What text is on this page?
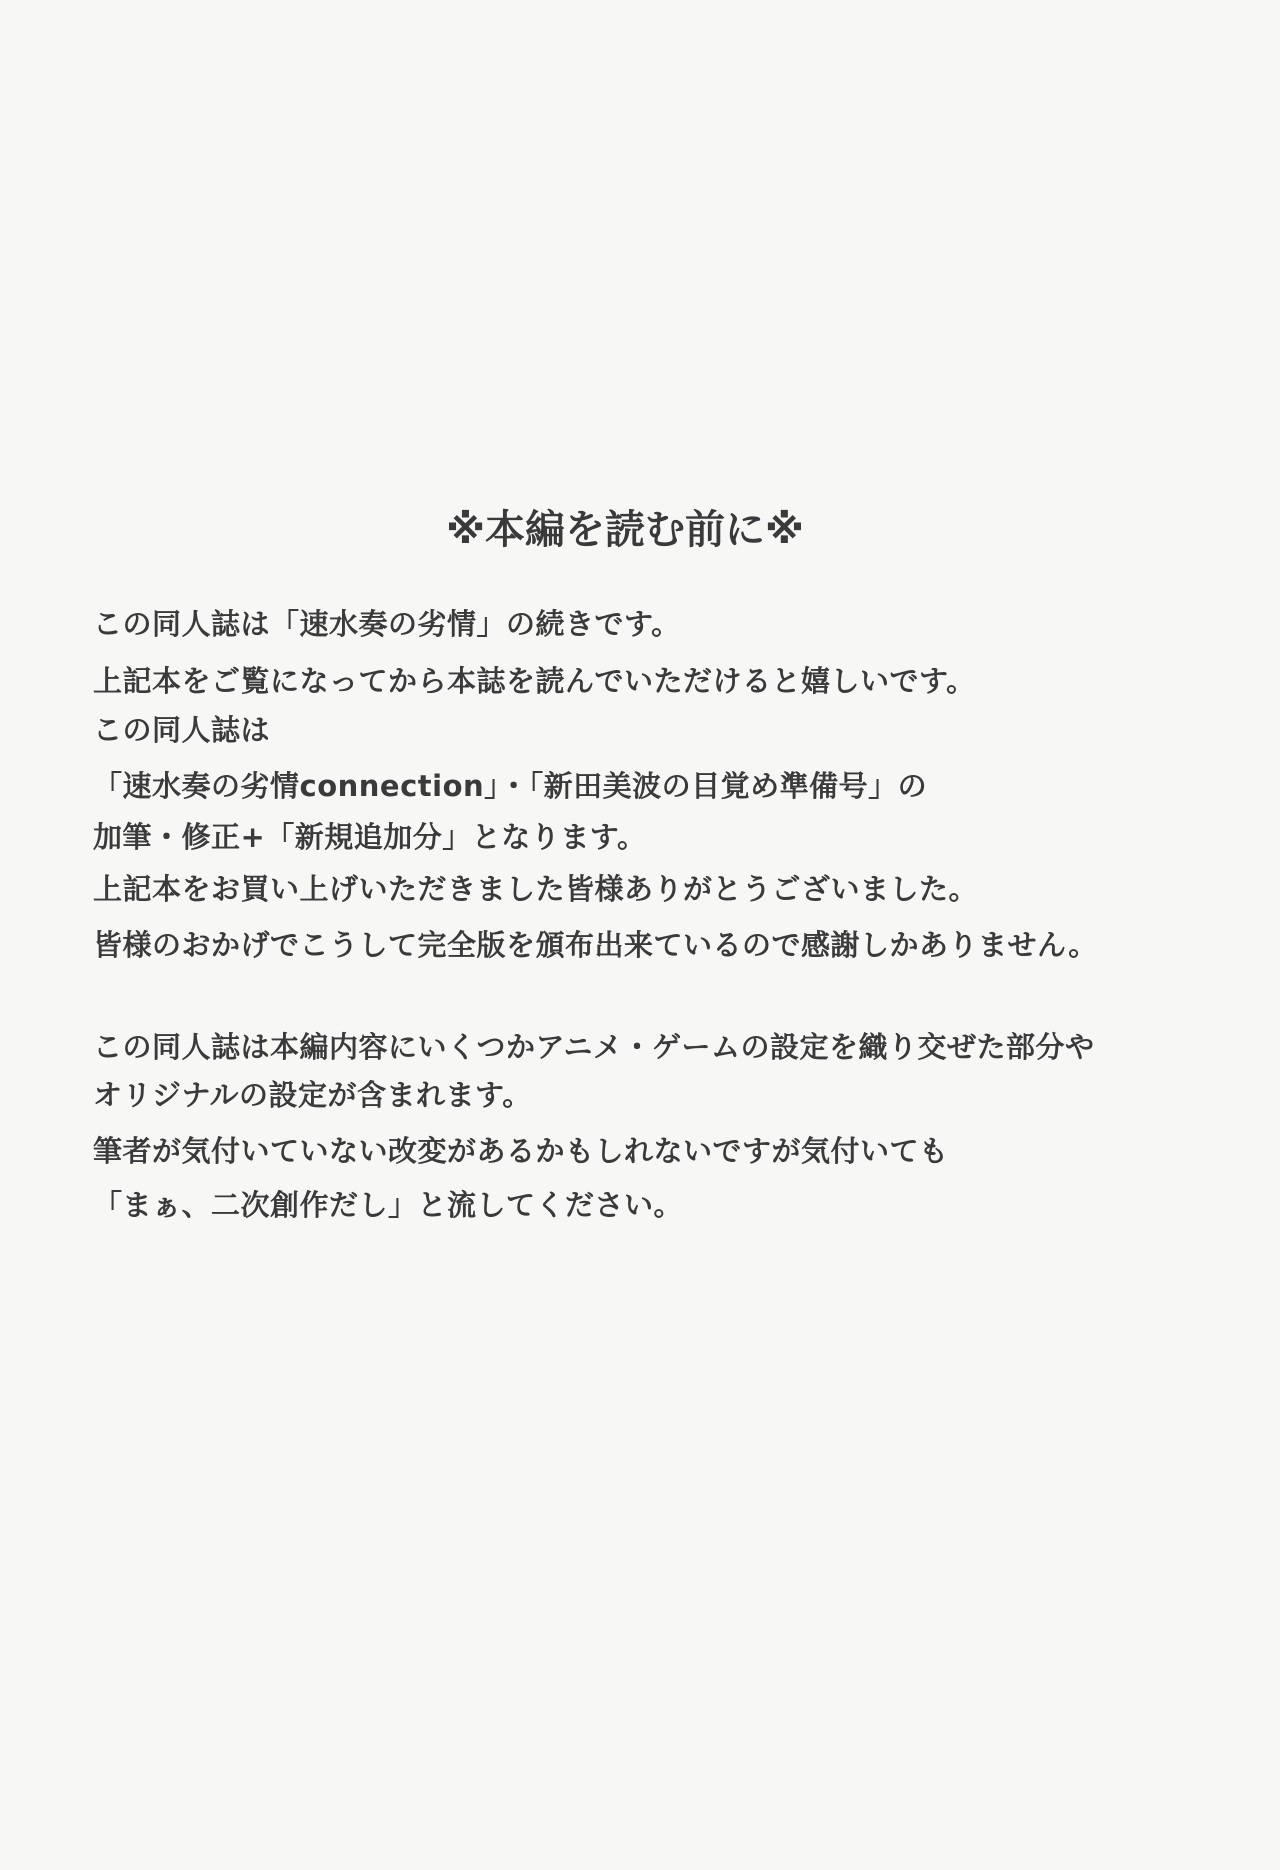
※本編を読む前に※
この同人誌は「速水奏の劣情」の続きです。
上記本をご覧になってから本誌を読んでいただけると嬉しいです。
この同人誌は
「速水奏の劣情connection」・「新田美波の目覚め準備号」の
加筆・修正+「新規追加分」となります。
上記本をお買い上げいただきました皆様ありがとうございました。
皆様のおかげでこうして完全版を頒布出来ているので感謝しかありません。
この同人誌は本編内容にいくつかアニメ・ゲームの設定を織り交ぜた部分や
オリジナルの設定が含まれます。
筆者が気付いていない改変があるかもしれないですが気付いても
「まぁ、二次創作だし」と流してください。
